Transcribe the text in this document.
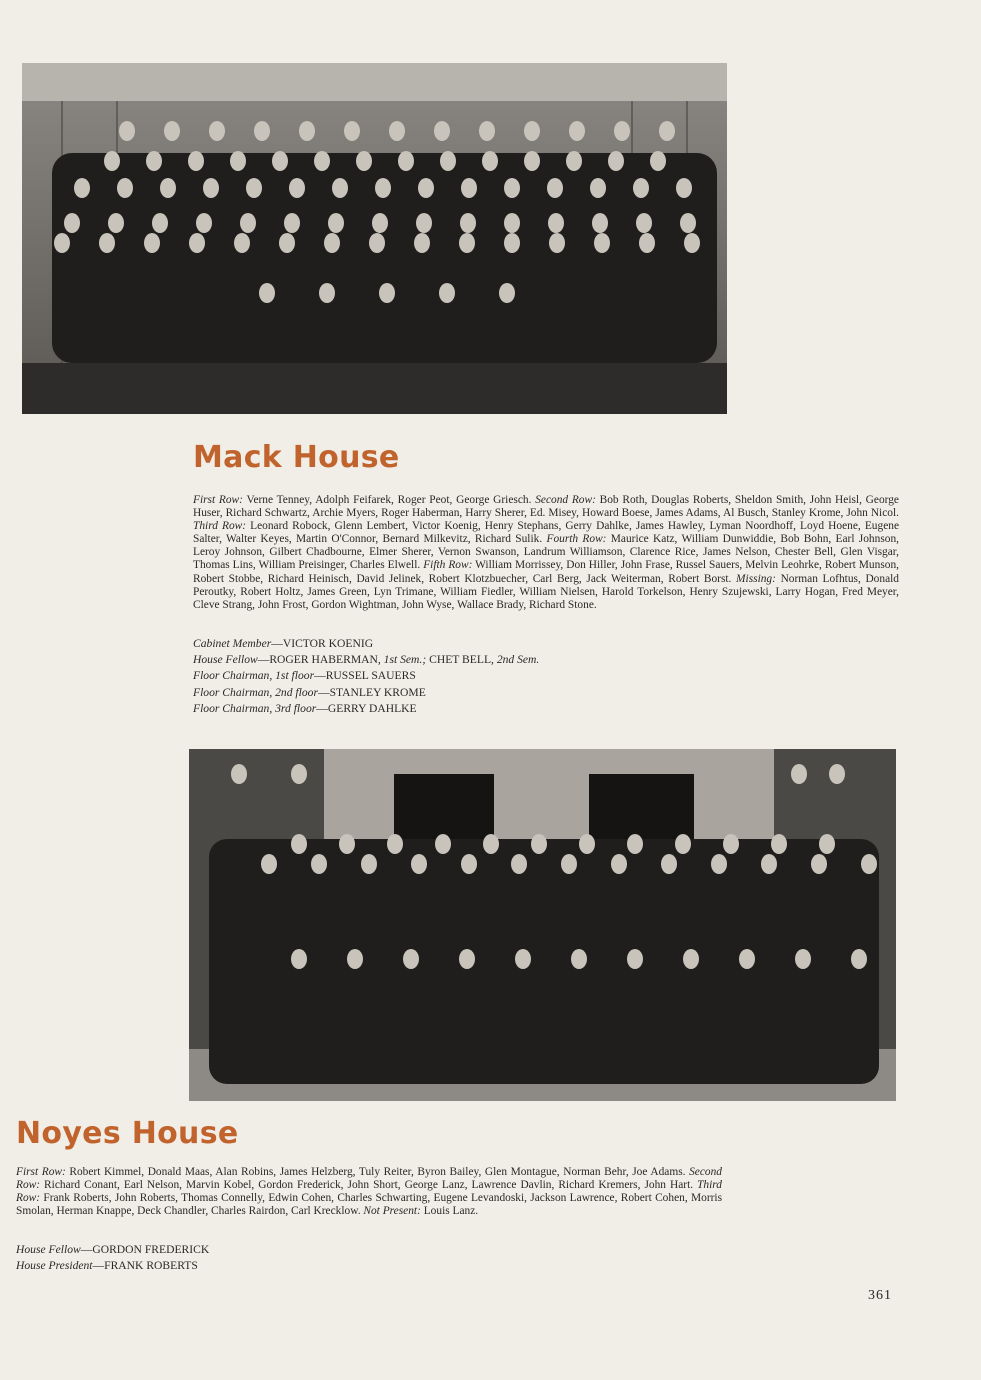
Mack House

First Row: Verne Tenney, Adolph Feifarek, Roger Peot, George Griesch. Second Row: Bob Roth, Douglas Roberts, Sheldon Smith, John Heisl, George Huser, Richard Schwartz, Archie Myers, Roger Haberman, Harry Sherer, Ed. Misey, Howard Boese, James Adams, Al Busch, Stanley Krome, John Nicol. Third Row: Leonard Robock, Glenn Lembert, Victor Koenig, Henry Stephans, Gerry Dahlke, James Hawley, Lyman Noordhoff, Loyd Hoene, Eugene Salter, Walter Keyes, Martin O'Connor, Bernard Milkevitz, Richard Sulik. Fourth Row: Maurice Katz, William Dunwiddie, Bob Bohn, Earl Johnson, Leroy Johnson, Gilbert Chadbourne, Elmer Sherer, Vernon Swanson, Landrum Williamson, Clarence Rice, James Nelson, Chester Bell, Glen Visgar, Thomas Lins, William Preisinger, Charles Elwell. Fifth Row: William Morrissey, Don Hiller, John Frase, Russel Sauers, Melvin Leohrke, Robert Munson, Robert Stobbe, Richard Heinisch, David Jelinek, Robert Klotzbuecher, Carl Berg, Jack Weiterman, Robert Borst. Missing: Norman Lofhtus, Donald Peroutky, Robert Holtz, James Green, Lyn Trimane, William Fiedler, William Nielsen, Harold Torkelson, Henry Szujewski, Larry Hogan, Fred Meyer, Cleve Strang, John Frost, Gordon Wightman, John Wyse, Wallace Brady, Richard Stone.

Cabinet Member—VICTOR KOENIG
House Fellow—ROGER HABERMAN, 1st Sem.; CHET BELL, 2nd Sem.
Floor Chairman, 1st floor—RUSSEL SAUERS
Floor Chairman, 2nd floor—STANLEY KROME
Floor Chairman, 3rd floor—GERRY DAHLKE
Noyes House

First Row: Robert Kimmel, Donald Maas, Alan Robins, James Helzberg, Tuly Reiter, Byron Bailey, Glen Montague, Norman Behr, Joe Adams. Second Row: Richard Conant, Earl Nelson, Marvin Kobel, Gordon Frederick, John Short, George Lanz, Lawrence Davlin, Richard Kremers, John Hart. Third Row: Frank Roberts, John Roberts, Thomas Connelly, Edwin Cohen, Charles Schwarting, Eugene Levandoski, Jackson Lawrence, Robert Cohen, Morris Smolan, Herman Knappe, Deck Chandler, Charles Rairdon, Carl Krecklow. Not Present: Louis Lanz.

House Fellow—GORDON FREDERICK
House President—FRANK ROBERTS
361
